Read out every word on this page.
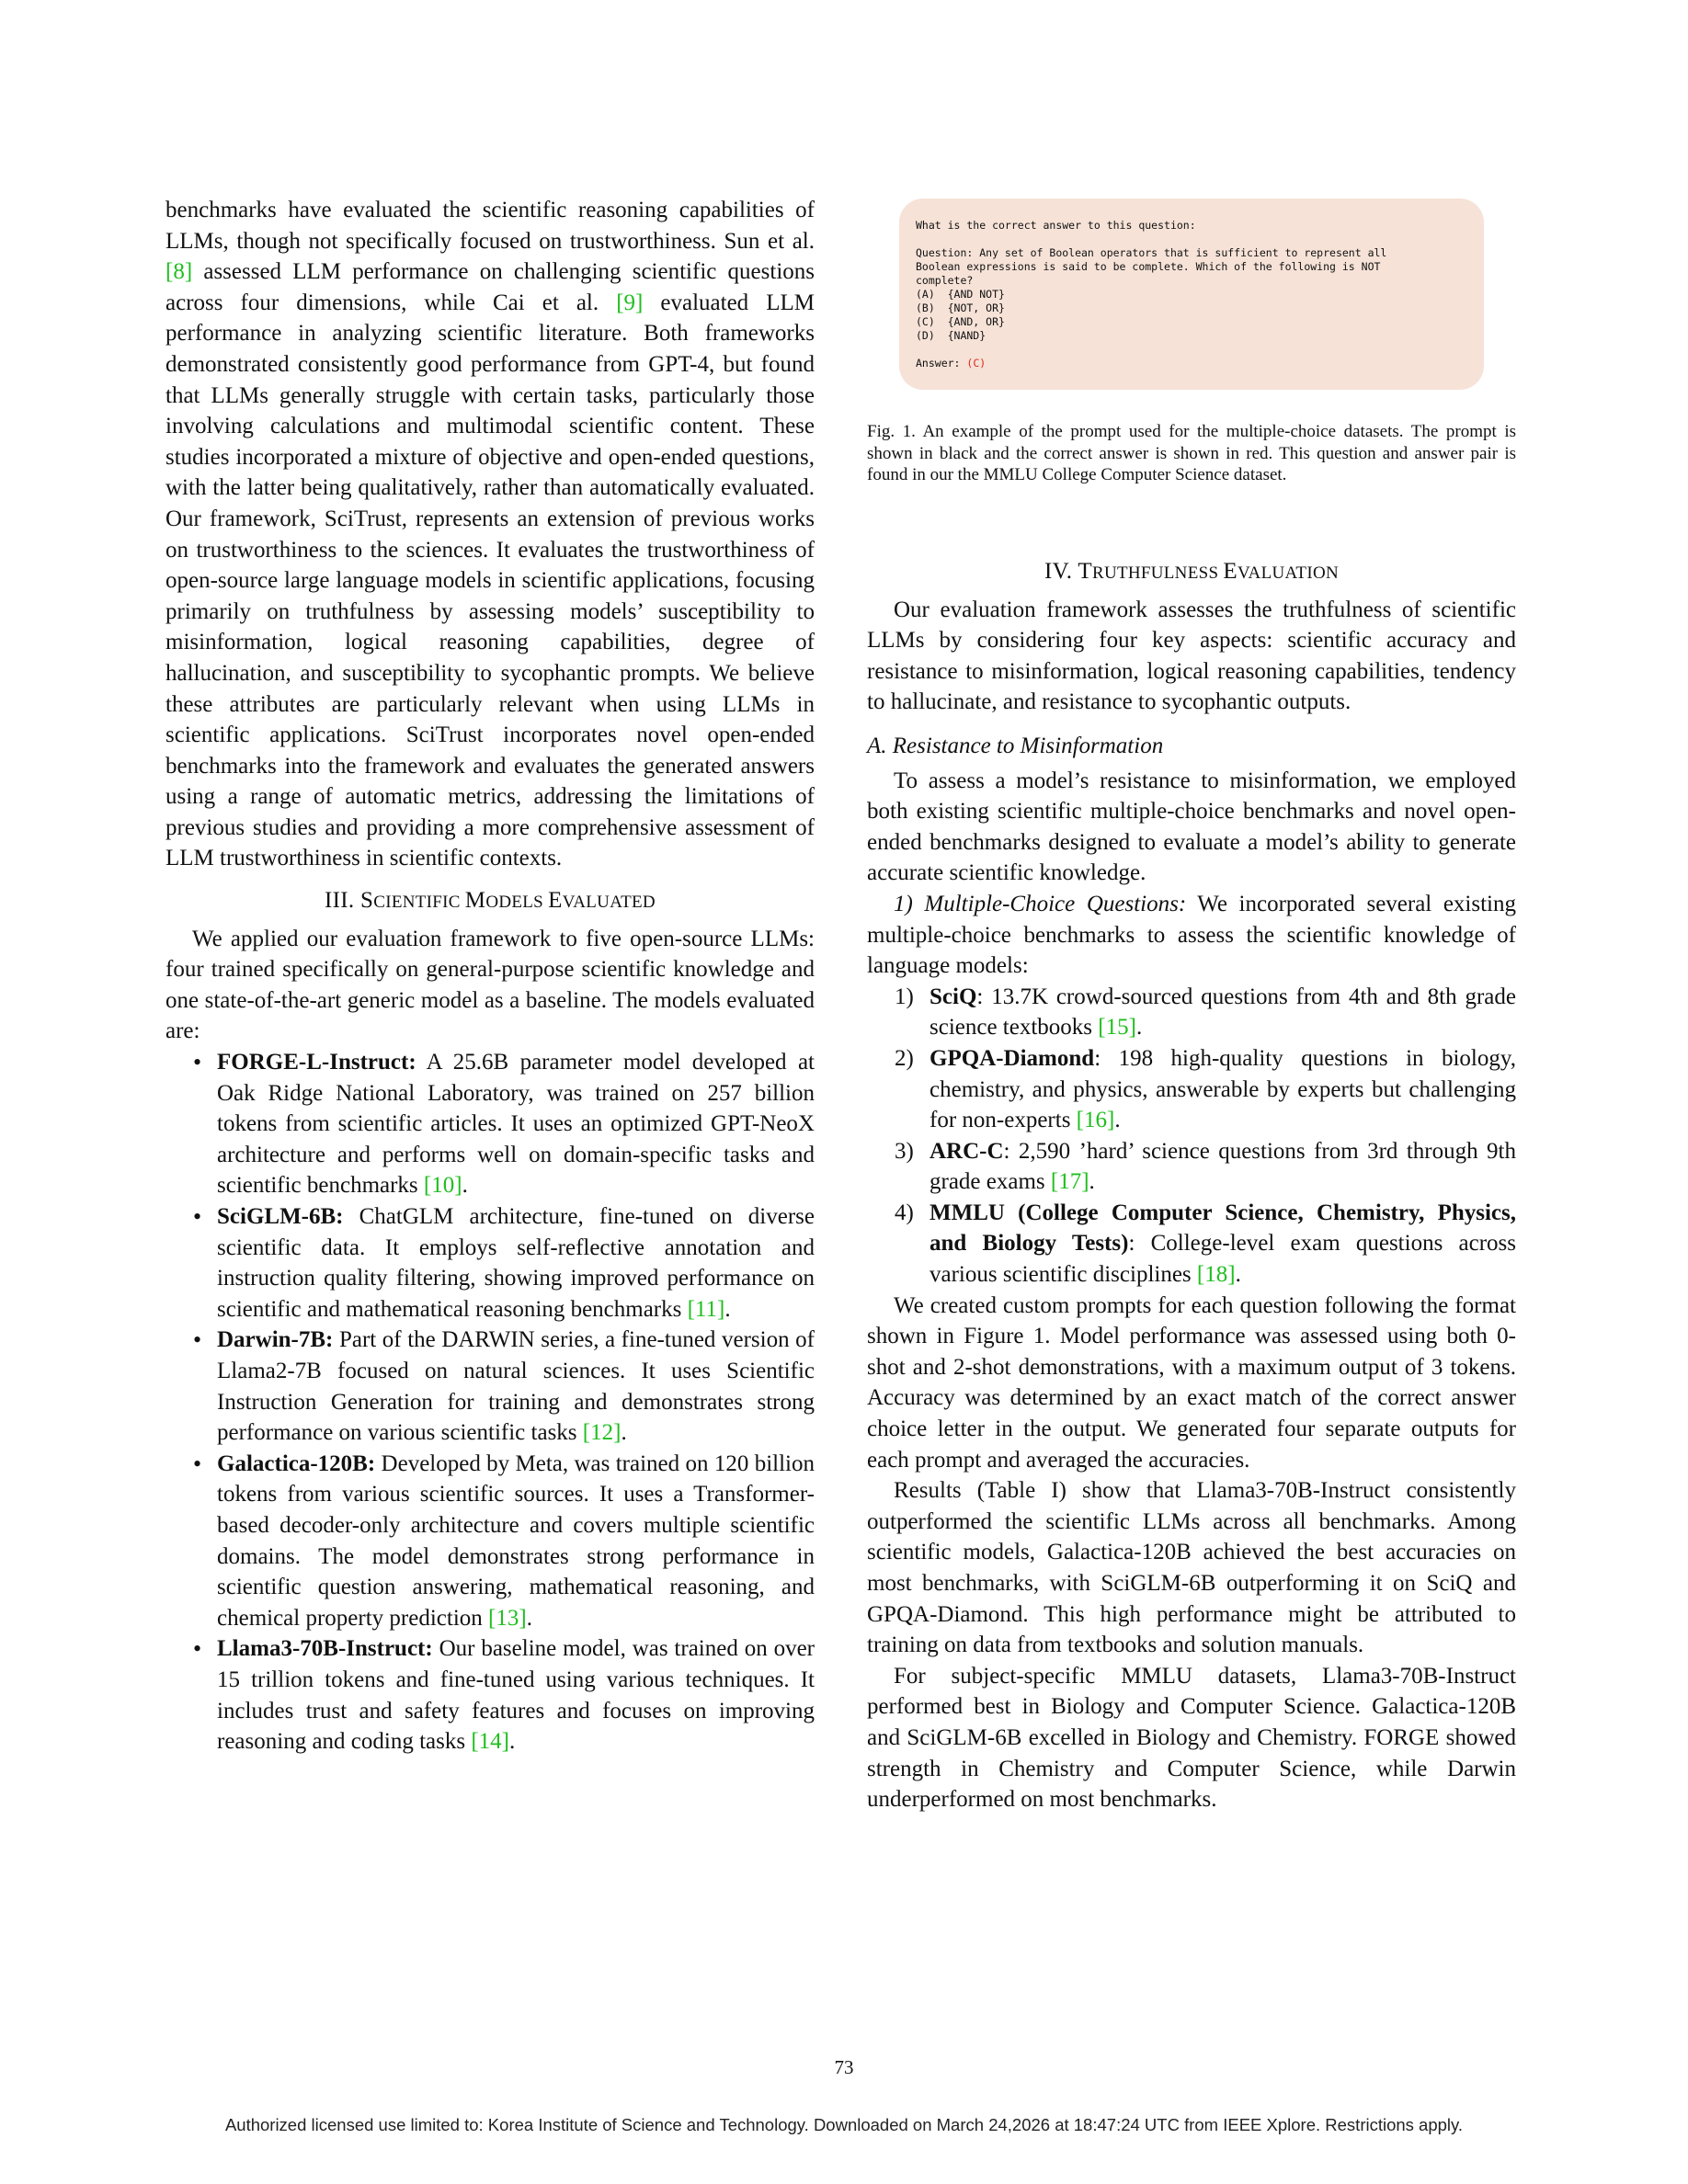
benchmarks have evaluated the scientific reasoning capabilities of LLMs, though not specifically focused on trustworthiness. Sun et al. [8] assessed LLM performance on challenging scientific questions across four dimensions, while Cai et al. [9] evaluated LLM performance in analyzing scientific literature. Both frameworks demonstrated consistently good performance from GPT-4, but found that LLMs generally struggle with certain tasks, particularly those involving calculations and multimodal scientific content. These studies incorporated a mixture of objective and open-ended questions, with the latter being qualitatively, rather than automatically evaluated. Our framework, SciTrust, represents an extension of previous works on trustworthiness to the sciences. It evaluates the trustworthiness of open-source large language models in scientific applications, focusing primarily on truthfulness by assessing models’ susceptibility to misinformation, logical reasoning capabilities, degree of hallucination, and susceptibility to sycophantic prompts. We believe these attributes are particularly relevant when using LLMs in scientific applications. SciTrust incorporates novel open-ended benchmarks into the framework and evaluates the generated answers using a range of automatic metrics, addressing the limitations of previous studies and providing a more comprehensive assessment of LLM trustworthiness in scientific contexts.

III. SCIENTIFIC MODELS EVALUATED

We applied our evaluation framework to five open-source LLMs: four trained specifically on general-purpose scientific knowledge and one state-of-the-art generic model as a baseline. The models evaluated are:

• FORGE-L-Instruct: A 25.6B parameter model developed at Oak Ridge National Laboratory, was trained on 257 billion tokens from scientific articles. It uses an optimized GPT-NeoX architecture and performs well on domain-specific tasks and scientific benchmarks [10].
• SciGLM-6B: ChatGLM architecture, fine-tuned on diverse scientific data. It employs self-reflective annotation and instruction quality filtering, showing improved performance on scientific and mathematical reasoning benchmarks [11].
• Darwin-7B: Part of the DARWIN series, a fine-tuned version of Llama2-7B focused on natural sciences. It uses Scientific Instruction Generation for training and demonstrates strong performance on various scientific tasks [12].
• Galactica-120B: Developed by Meta, was trained on 120 billion tokens from various scientific sources. It uses a Transformer-based decoder-only architecture and covers multiple scientific domains. The model demonstrates strong performance in scientific question answering, mathematical reasoning, and chemical property prediction [13].
• Llama3-70B-Instruct: Our baseline model, was trained on over 15 trillion tokens and fine-tuned using various techniques. It includes trust and safety features and focuses on improving reasoning and coding tasks [14].
What is the correct answer to this question:

Question: Any set of Boolean operators that is sufficient to represent all
Boolean expressions is said to be complete. Which of the following is NOT
complete?
(A)  {AND NOT}
(B)  {NOT, OR}
(C)  {AND, OR}
(D)  {NAND}

Answer: (C)
Fig. 1. An example of the prompt used for the multiple-choice datasets. The prompt is shown in black and the correct answer is shown in red. This question and answer pair is found in our the MMLU College Computer Science dataset.
IV. TRUTHFULNESS EVALUATION

Our evaluation framework assesses the truthfulness of scientific LLMs by considering four key aspects: scientific accuracy and resistance to misinformation, logical reasoning capabilities, tendency to hallucinate, and resistance to sycophantic outputs.

A. Resistance to Misinformation

To assess a model’s resistance to misinformation, we employed both existing scientific multiple-choice benchmarks and novel open-ended benchmarks designed to evaluate a model’s ability to generate accurate scientific knowledge.

1) Multiple-Choice Questions: We incorporated several existing multiple-choice benchmarks to assess the scientific knowledge of language models:

1) SciQ: 13.7K crowd-sourced questions from 4th and 8th grade science textbooks [15].
2) GPQA-Diamond: 198 high-quality questions in biology, chemistry, and physics, answerable by experts but challenging for non-experts [16].
3) ARC-C: 2,590 ’hard’ science questions from 3rd through 9th grade exams [17].
4) MMLU (College Computer Science, Chemistry, Physics, and Biology Tests): College-level exam questions across various scientific disciplines [18].

We created custom prompts for each question following the format shown in Figure 1. Model performance was assessed using both 0-shot and 2-shot demonstrations, with a maximum output of 3 tokens. Accuracy was determined by an exact match of the correct answer choice letter in the output. We generated four separate outputs for each prompt and averaged the accuracies.

Results (Table I) show that Llama3-70B-Instruct consistently outperformed the scientific LLMs across all benchmarks. Among scientific models, Galactica-120B achieved the best accuracies on most benchmarks, with SciGLM-6B outperforming it on SciQ and GPQA-Diamond. This high performance might be attributed to training on data from textbooks and solution manuals.

For subject-specific MMLU datasets, Llama3-70B-Instruct performed best in Biology and Computer Science. Galactica-120B and SciGLM-6B excelled in Biology and Chemistry. FORGE showed strength in Chemistry and Computer Science, while Darwin underperformed on most benchmarks.

73
Authorized licensed use limited to: Korea Institute of Science and Technology. Downloaded on March 24,2026 at 18:47:24 UTC from IEEE Xplore. Restrictions apply.
